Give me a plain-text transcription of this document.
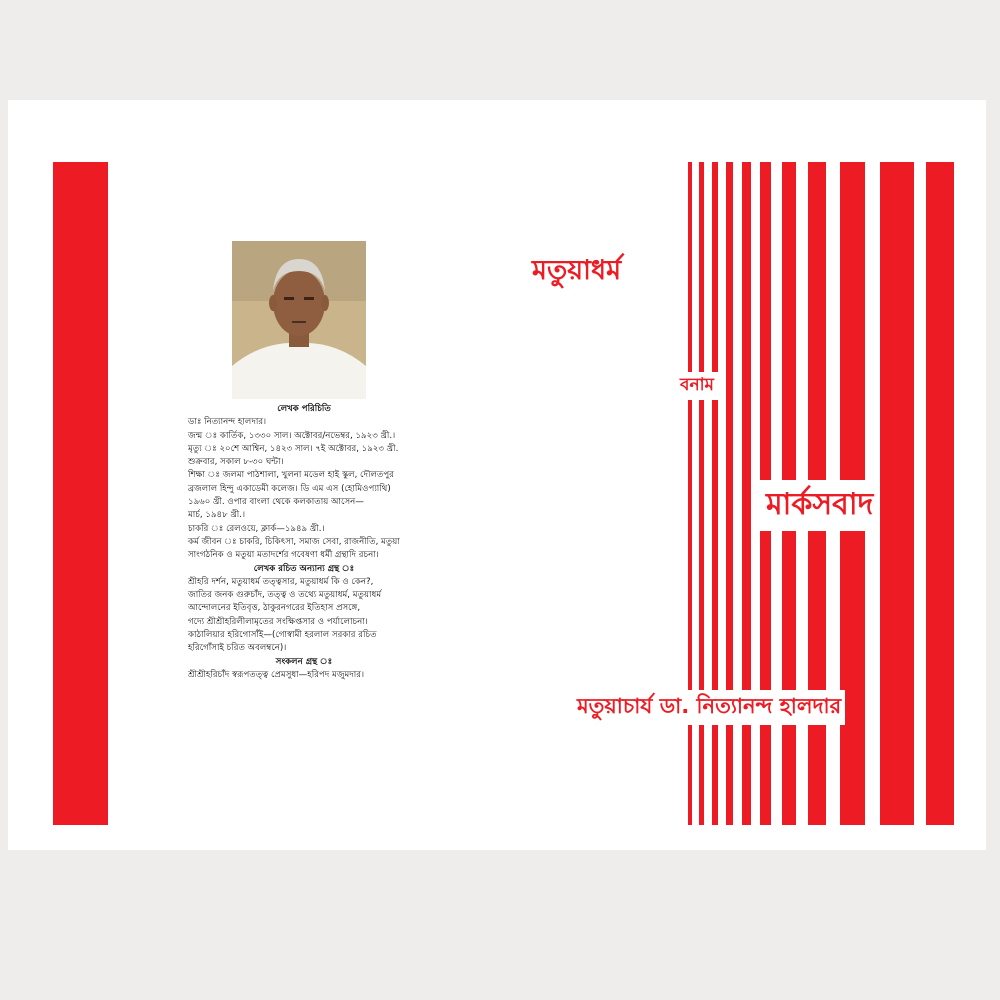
লেখক পরিচিতি

ডাঃ নিত্যানন্দ হালদার।

জন্ম ঃ কার্তিক, ১৩৩০ সাল। অক্টোবর/নভেম্বর, ১৯২৩ খ্রী.।

মৃত্যু ঃ ২০শে আশ্বিন, ১৪২৩ সাল। ৭ই অক্টোবর, ১৯২৩ খ্রী.

শুক্রবার, সকাল ৮-৩০ ঘন্টা।

শিক্ষা ঃ জলমা পাঠশালা, খুলনা মডেল হাই স্কুল, দৌলতপুর

ব্রজলাল হিন্দু একাডেমী কলেজ। ডি এম এস (হোমিওপ্যাথি)

১৯৬০ খ্রী. ওপার বাংলা থেকে কলকাতায় আসেন—

মার্চ, ১৯৪৮ খ্রী.।

চাকরি ঃ রেলওয়ে, ক্লার্ক—১৯৪৯ খ্রী.।

কর্ম জীবন ঃ চাকরি, চিকিৎসা, সমাজ সেবা, রাজনীতি, মতুয়া

সাংগঠনিক ও মতুয়া মতাদর্শের গবেষণা ধর্মী গ্রন্থাদি রচনা।

লেখক রচিত অন্যান্য গ্রন্থ ঃ

শ্রীহরি দর্শন, মতুয়াধর্ম তত্ত্বসার, মতুয়াধর্ম কি ও কেন?,

জাতির জনক গুরুচাঁদ, তত্ত্ব ও তথ্যে মতুয়াধর্ম, মতুয়াধর্ম

আন্দোলনের ইতিবৃত্ত, ঠাকুরনগরের ইতিহাস প্রসঙ্গে,

গদ্যে শ্রীশ্রীহরিলীলামৃতের সংক্ষিপ্তসার ও পর্যালোচনা।

কাঠালিয়ার হরিগোসাঁই—(গোস্বামী হরলাল সরকার রচিত

হরিগোঁসাই চরিত অবলম্বনে)।

সংকলন গ্রন্থ ঃ

শ্রীশ্রীহরিচাঁদ স্বরূপতত্ত্ব প্রেমসুধা—হরিপদ মজুমদার।

মতুয়াধর্ম
বনাম
মার্কসবাদ
মতুয়াচার্য ডা. নিত্যানন্দ হালদার
